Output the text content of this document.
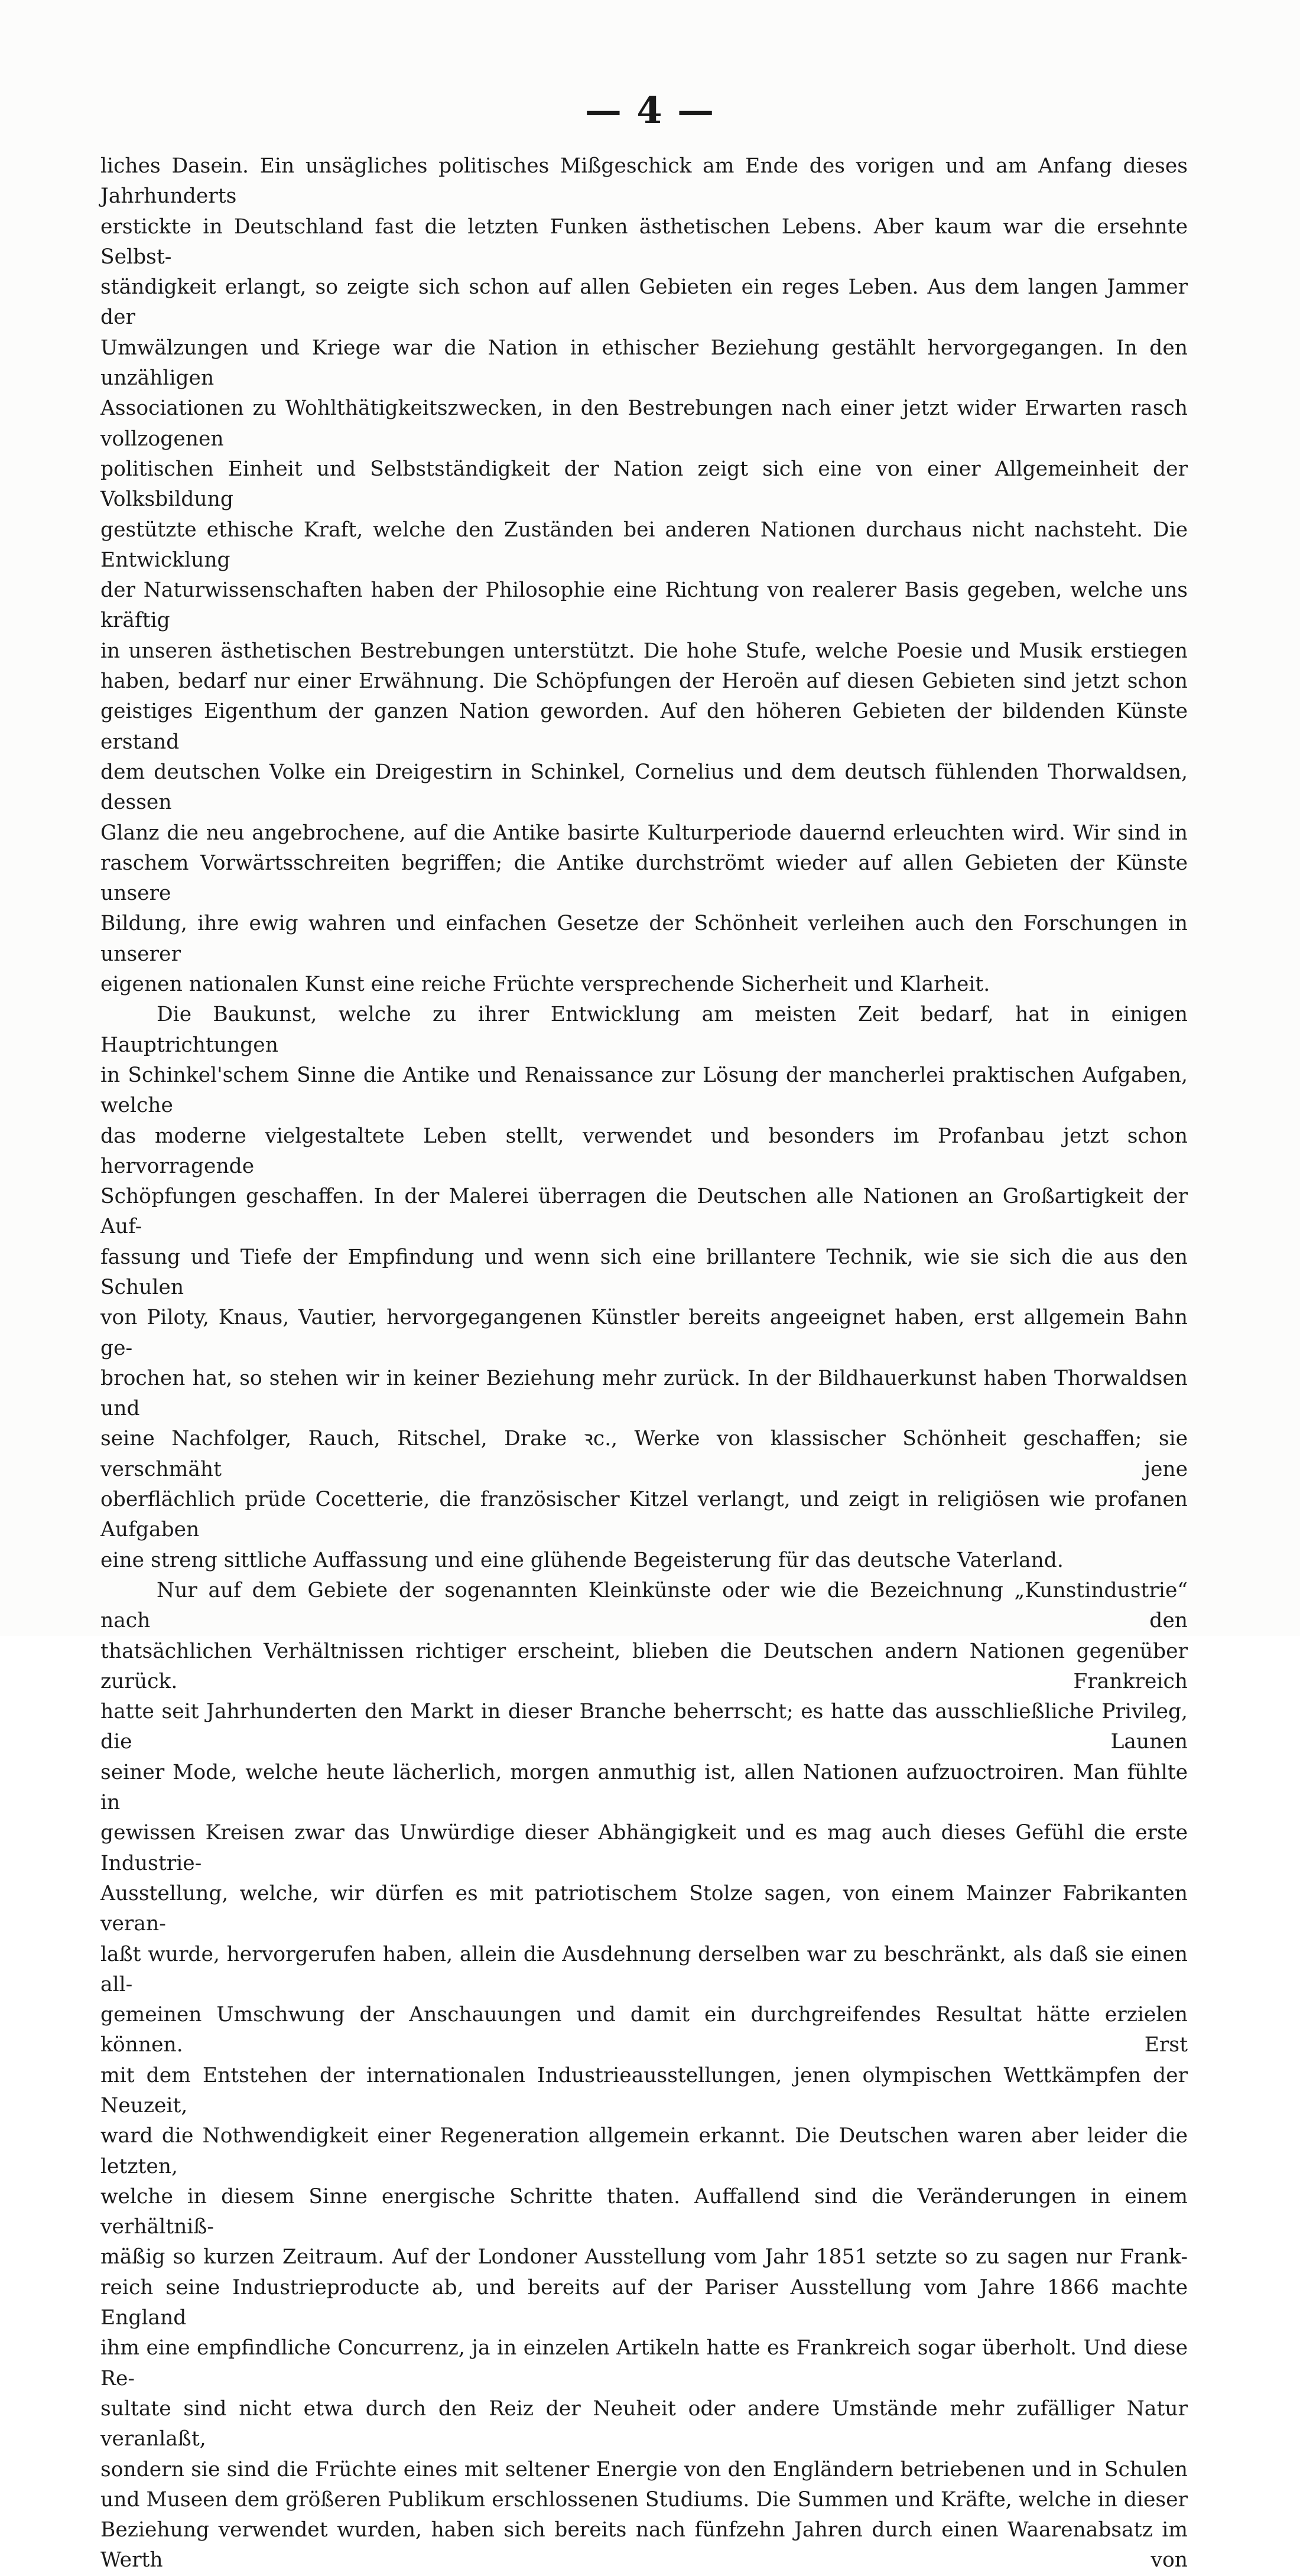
— 4 —

liches Dasein. Ein unsägliches politisches Mißgeschick am Ende des vorigen und am Anfang dieses Jahrhunderts
erstickte in Deutschland fast die letzten Funken ästhetischen Lebens. Aber kaum war die ersehnte Selbst-
ständigkeit erlangt, so zeigte sich schon auf allen Gebieten ein reges Leben. Aus dem langen Jammer der
Umwälzungen und Kriege war die Nation in ethischer Beziehung gestählt hervorgegangen. In den unzähligen
Associationen zu Wohlthätigkeitszwecken, in den Bestrebungen nach einer jetzt wider Erwarten rasch vollzogenen
politischen Einheit und Selbstständigkeit der Nation zeigt sich eine von einer Allgemeinheit der Volksbildung
gestützte ethische Kraft, welche den Zuständen bei anderen Nationen durchaus nicht nachsteht. Die Entwicklung
der Naturwissenschaften haben der Philosophie eine Richtung von realerer Basis gegeben, welche uns kräftig
in unseren ästhetischen Bestrebungen unterstützt. Die hohe Stufe, welche Poesie und Musik erstiegen
haben, bedarf nur einer Erwähnung. Die Schöpfungen der Heroën auf diesen Gebieten sind jetzt schon
geistiges Eigenthum der ganzen Nation geworden. Auf den höheren Gebieten der bildenden Künste erstand
dem deutschen Volke ein Dreigestirn in Schinkel, Cornelius und dem deutsch fühlenden Thorwaldsen, dessen
Glanz die neu angebrochene, auf die Antike basirte Kulturperiode dauernd erleuchten wird. Wir sind in
raschem Vorwärtsschreiten begriffen; die Antike durchströmt wieder auf allen Gebieten der Künste unsere
Bildung, ihre ewig wahren und einfachen Gesetze der Schönheit verleihen auch den Forschungen in unserer

eigenen nationalen Kunst eine reiche Früchte versprechende Sicherheit und Klarheit.

Die Baukunst, welche zu ihrer Entwicklung am meisten Zeit bedarf, hat in einigen Hauptrichtungen
in Schinkel'schem Sinne die Antike und Renaissance zur Lösung der mancherlei praktischen Aufgaben, welche
das moderne vielgestaltete Leben stellt, verwendet und besonders im Profanbau jetzt schon hervorragende
Schöpfungen geschaffen. In der Malerei überragen die Deutschen alle Nationen an Großartigkeit der Auf-
fassung und Tiefe der Empfindung und wenn sich eine brillantere Technik, wie sie sich die aus den Schulen
von Piloty, Knaus, Vautier, hervorgegangenen Künstler bereits angeeignet haben, erst allgemein Bahn ge-
brochen hat, so stehen wir in keiner Beziehung mehr zurück. In der Bildhauerkunst haben Thorwaldsen und
seine Nachfolger, Rauch, Ritschel, Drake ꝛc., Werke von klassischer Schönheit geschaffen; sie verschmäht jene
oberflächlich prüde Cocetterie, die französischer Kitzel verlangt, und zeigt in religiösen wie profanen Aufgaben

eine streng sittliche Auffassung und eine glühende Begeisterung für das deutsche Vaterland.

Nur auf dem Gebiete der sogenannten Kleinkünste oder wie die Bezeichnung „Kunstindustrie“ nach den
thatsächlichen Verhältnissen richtiger erscheint, blieben die Deutschen andern Nationen gegenüber zurück. Frankreich
hatte seit Jahrhunderten den Markt in dieser Branche beherrscht; es hatte das ausschließliche Privileg, die Launen
seiner Mode, welche heute lächerlich, morgen anmuthig ist, allen Nationen aufzuoctroiren. Man fühlte in
gewissen Kreisen zwar das Unwürdige dieser Abhängigkeit und es mag auch dieses Gefühl die erste Industrie-
Ausstellung, welche, wir dürfen es mit patriotischem Stolze sagen, von einem Mainzer Fabrikanten veran-
laßt wurde, hervorgerufen haben, allein die Ausdehnung derselben war zu beschränkt, als daß sie einen all-
gemeinen Umschwung der Anschauungen und damit ein durchgreifendes Resultat hätte erzielen können. Erst
mit dem Entstehen der internationalen Industrieausstellungen, jenen olympischen Wettkämpfen der Neuzeit,
ward die Nothwendigkeit einer Regeneration allgemein erkannt. Die Deutschen waren aber leider die letzten,
welche in diesem Sinne energische Schritte thaten. Auffallend sind die Veränderungen in einem verhältniß-
mäßig so kurzen Zeitraum. Auf der Londoner Ausstellung vom Jahr 1851 setzte so zu sagen nur Frank-
reich seine Industrieproducte ab, und bereits auf der Pariser Ausstellung vom Jahre 1866 machte England
ihm eine empfindliche Concurrenz, ja in einzelen Artikeln hatte es Frankreich sogar überholt. Und diese Re-
sultate sind nicht etwa durch den Reiz der Neuheit oder andere Umstände mehr zufälliger Natur veranlaßt,
sondern sie sind die Früchte eines mit seltener Energie von den Engländern betriebenen und in Schulen
und Museen dem größeren Publikum erschlossenen Studiums. Die Summen und Kräfte, welche in dieser
Beziehung verwendet wurden, haben sich bereits nach fünfzehn Jahren durch einen Waarenabsatz im Werth von
